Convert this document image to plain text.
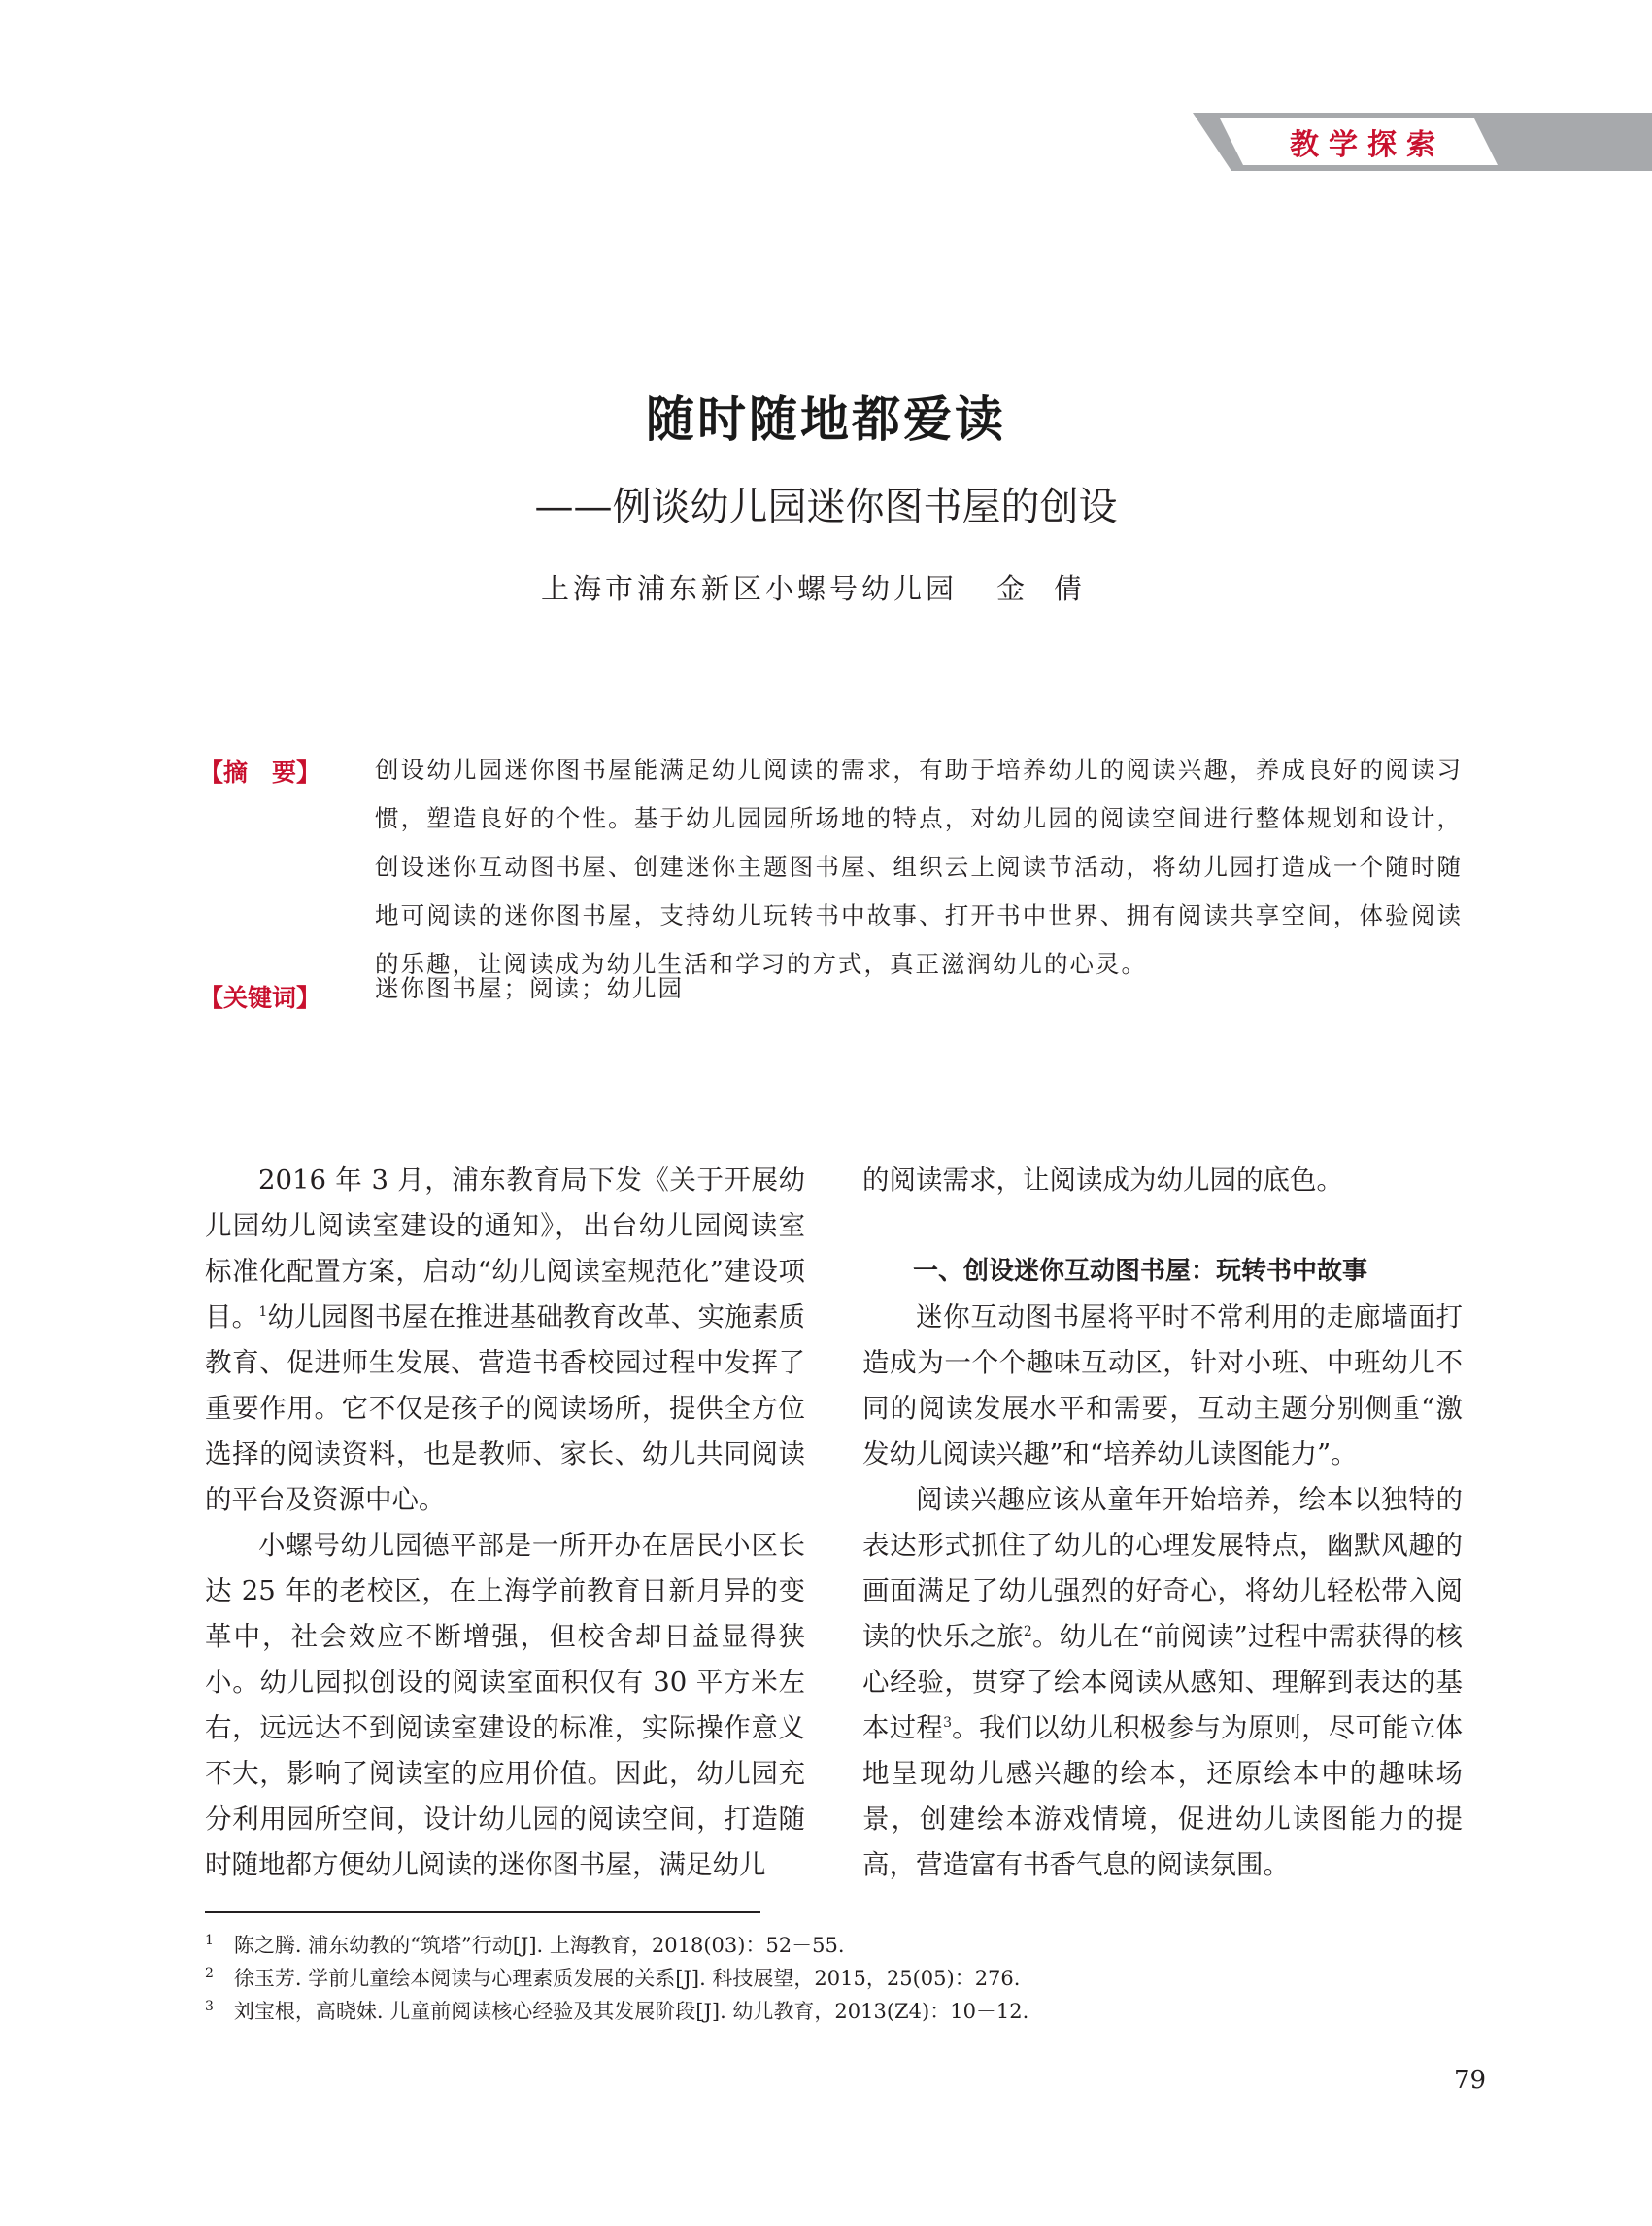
教学探索
随时随地都爱读
——例谈幼儿园迷你图书屋的创设
上海市浦东新区小螺号幼儿园 金倩
【摘　要】 创设幼儿园迷你图书屋能满足幼儿阅读的需求，有助于培养幼儿的阅读兴趣，养成良好的阅读习惯，塑造良好的个性。基于幼儿园园所场地的特点，对幼儿园的阅读空间进行整体规划和设计，创设迷你互动图书屋、创建迷你主题图书屋、组织云上阅读节活动，将幼儿园打造成一个随时随地可阅读的迷你图书屋，支持幼儿玩转书中故事、打开书中世界、拥有阅读共享空间，体验阅读的乐趣，让阅读成为幼儿生活和学习的方式，真正滋润幼儿的心灵。
【关键词】 迷你图书屋；阅读；幼儿园

2016 年 3 月，浦东教育局下发《关于开展幼儿园幼儿阅读室建设的通知》，出台幼儿园阅读室标准化配置方案，启动“幼儿阅读室规范化”建设项目。$^1$幼儿园图书屋在推进基础教育改革、实施素质教育、促进师生发展、营造书香校园过程中发挥了重要作用。它不仅是孩子的阅读场所，提供全方位选择的阅读资料，也是教师、家长、幼儿共同阅读的平台及资源中心。

小螺号幼儿园德平部是一所开办在居民小区长达 25 年的老校区，在上海学前教育日新月异的变革中，社会效应不断增强，但校舍却日益显得狭小。幼儿园拟创设的阅读室面积仅有 30 平方米左右，远远达不到阅读室建设的标准，实际操作意义不大，影响了阅读室的应用价值。因此，幼儿园充分利用园所空间，设计幼儿园的阅读空间，打造随时随地都方便幼儿阅读的迷你图书屋，满足幼儿

的阅读需求，让阅读成为幼儿园的底色。

一、创设迷你互动图书屋：玩转书中故事

迷你互动图书屋将平时不常利用的走廊墙面打造成为一个个趣味互动区，针对小班、中班幼儿不同的阅读发展水平和需要，互动主题分别侧重“激发幼儿阅读兴趣”和“培养幼儿读图能力”。

阅读兴趣应该从童年开始培养，绘本以独特的表达形式抓住了幼儿的心理发展特点，幽默风趣的画面满足了幼儿强烈的好奇心，将幼儿轻松带入阅读的快乐之旅$^2$。幼儿在“前阅读”过程中需获得的核心经验，贯穿了绘本阅读从感知、理解到表达的基本过程$^3$。我们以幼儿积极参与为原则，尽可能立体地呈现幼儿感兴趣的绘本，还原绘本中的趣味场景，创建绘本游戏情境，促进幼儿读图能力的提高，营造富有书香气息的阅读氛围。

$^1$　 陈之腾. 浦东幼教的“筑塔”行动[J]. 上海教育，2018(03)：52－55.
$^2$　 徐玉芳. 学前儿童绘本阅读与心理素质发展的关系[J]. 科技展望，2015，25(05)：276.
$^3$　 刘宝根，高晓妹. 儿童前阅读核心经验及其发展阶段[J]. 幼儿教育，2013(Z4)：10－12.
79
